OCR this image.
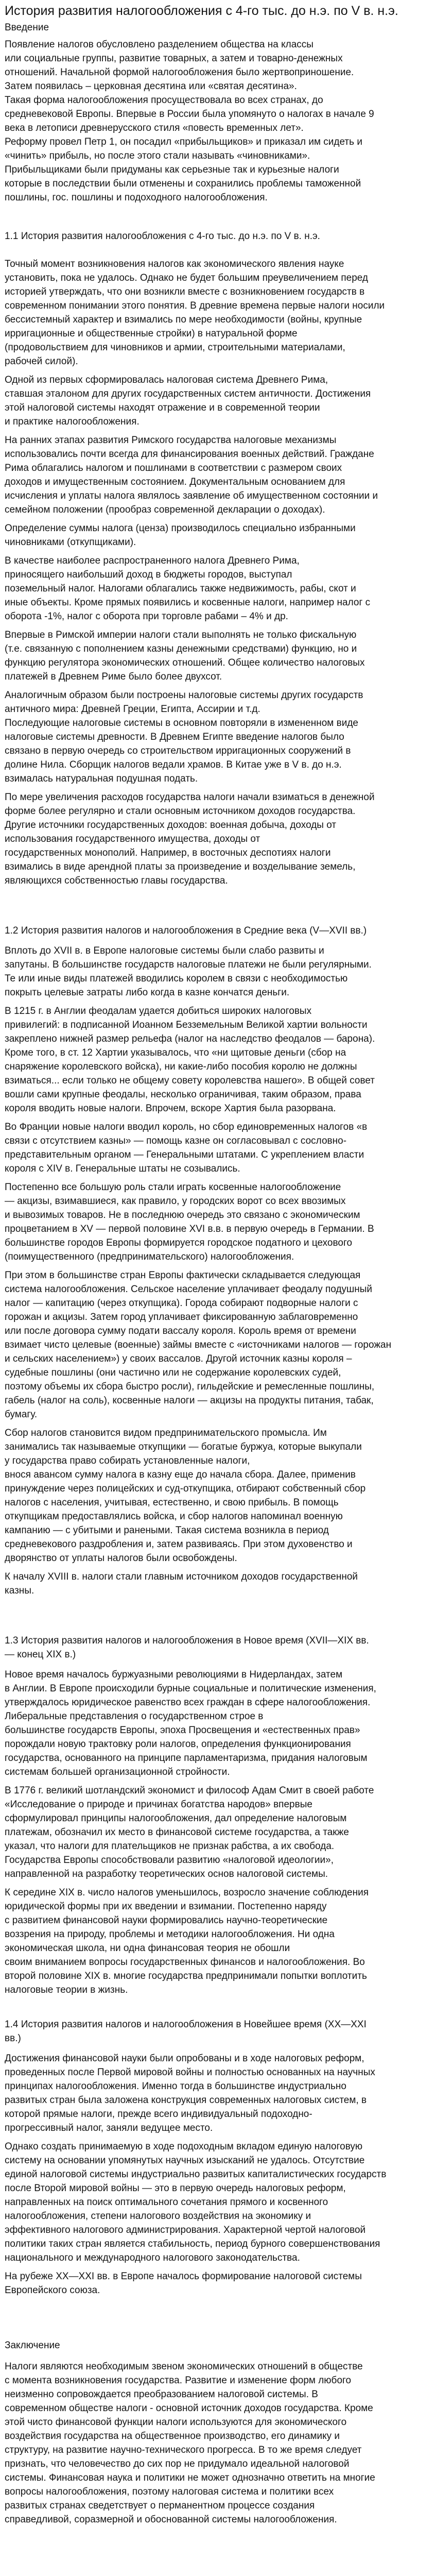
История развития налогообложения с 4-го тыс. до н.э. по V в. н.э.
Введение

Появление налогов обусловлено разделением общества на классы
или социальные группы, развитие товарных, а затем и товарно-денежных
отношений. Начальной формой налогообложения было жертвоприношение.
Затем появилась – церковная десятина или «святая десятина».
Такая форма налогообложения просуществовала во всех странах, до
средневековой Европы. Впервые в России была упомянуто о налогах в начале 9
века в летописи древнерусского стиля «повесть временных лет».
Реформу провел Петр 1, он посадил «прибыльщиков» и приказал им сидеть и
«чинить» прибыль, но после этого стали называть «чиновниками».
Прибыльщиками были придуманы как серьезные так и курьезные налоги
которые в последствии были отменены и сохранились проблемы таможенной
пошлины, гос. пошлины и подоходного налогообложения.

1.1 История развития налогообложения с 4-го тыс. до н.э. по V в. н.э.

Точный момент возникновения налогов как экономического явления науке
установить, пока не удалось. Однако не будет большим преувеличением перед
историей утверждать, что они возникли вместе с возникновением государств в
современном понимании этого понятия. В древние времена первые налоги носили
бессистемный характер и взимались по мере необходимости (войны, крупные
ирригационные и общественные стройки) в натуральной форме
(продовольствием для чиновников и армии, строительными материалами,
рабочей силой).

Одной из первых сформировалась налоговая система Древнего Рима,
ставшая эталоном для других государственных систем античности. Достижения
этой налоговой системы находят отражение и в современной теории
и практике налогообложения.

На ранних этапах развития Римского государства налоговые механизмы
использовались почти всегда для финансирования военных действий. Граждане
Рима облагались налогом и пошлинами в соответствии с размером своих
доходов и имущественным состоянием. Документальным основанием для
исчисления и уплаты налога являлось заявление об имущественном состоянии и
семейном положении (прообраз современной декларации о доходах).

Определение суммы налога (ценза) производилось специально избранными
чиновниками (откупщиками).

В качестве наиболее распространенного налога Древнего Рима,
приносящего наибольший доход в бюджеты городов, выступал
поземельный налог. Налогами облагались также недвижимость, рабы, скот и
иные объекты. Кроме прямых появились и косвенные налоги, например налог с
оборота -1%, налог с оборота при торговле рабами – 4% и др.

Впервые в Римской империи налоги стали выполнять не только фискальную
(т.е. связанную с пополнением казны денежными средствами) функцию, но и
функцию регулятора экономических отношений. Общее количество налоговых
платежей в Древнем Риме было более двухсот.

Аналогичным образом были построены налоговые системы других государств
античного мира: Древней Греции, Египта, Ассирии и т.д.
Последующие налоговые системы в основном повторяли в измененном виде
налоговые системы древности. В Древнем Египте введение налогов было
связано в первую очередь со строительством ирригационных сооружений в
долине Нила. Сборщик налогов ведали храмов. В Китае уже в V в. до н.э.
взималась натуральная подушная подать.

По мере увеличения расходов государства налоги начали взиматься в денежной
форме более регулярно и стали основным источником доходов государства.
Другие источники государственных доходов: военная добыча, доходы от
использования государственного имущества, доходы от
государственных монополий. Например, в восточных деспотиях налоги
взимались в виде арендной платы за произведение и возделывание земель,
являющихся собственностью главы государства.

1.2 История развития налогов и налогообложения в Средние века (V—XVII вв.)

Вплоть до XVII в. в Европе налоговые системы были слабо развиты и
запутаны. В большинстве государств налоговые платежи не были регулярными.
Те или иные виды платежей вводились королем в связи с необходимостью
покрыть целевые затраты либо когда в казне кончатся деньги.

В 1215 г. в Англии феодалам удается добиться широких налоговых
привилегий: в подписанной Иоанном Безземельным Великой хартии вольности
закреплено нижней размер рельефа (налог на наследство феодалов — барона).
Кроме того, в ст. 12 Хартии указывалось, что «ни щитовые деньги (сбор на
снаряжение королевского войска), ни какие-либо пособия королю не должны
взиматься... если только не общему совету королевства нашего». В общей совет
вошли сами крупные феодалы, несколько ограничивая, таким образом, права
короля вводить новые налоги. Впрочем, вскоре Хартия была разорвана.

Во Франции новые налоги вводил король, но сбор единовременных налогов «в
связи с отсутствием казны» — помощь казне он согласовывал с сословно-
представительным органом — Генеральными штатами. С укреплением власти
короля с XIV в. Генеральные штаты не созывались.

Постепенно все большую роль стали играть косвенные налогообложение
— акцизы, взимавшиеся, как правило, у городских ворот со всех ввозимых
и вывозимых товаров. Не в последнюю очередь это связано с экономическим
процветанием в XV — первой половине XVI в.в. в первую очередь в Германии. В
большинстве городов Европы формируется городское податного и цехового
(поимущественного (предпринимательского) налогообложения.

При этом в большинстве стран Европы фактически складывается следующая
система налогообложения. Сельское население уплачивает феодалу подушный
налог — капитацию (через откупщика). Города собирают подворные налоги с
горожан и акцизы. Затем город уплачивает фиксированную заблаговременно
или после договора сумму подати вассалу короля. Король время от времени
взимает чисто целевые (военные) займы вместе с «источниками налогов — горожан
и сельских населением») у своих вассалов. Другой источник казны короля –
судебные пошлины (они частично или не содержание королевских судей,
поэтому объемы их сбора быстро росли), гильдейские и ремесленные пошлины,
габель (налог на соль), косвенные налоги — акцизы на продукты питания, табак,
бумагу.

Сбор налогов становится видом предпринимательского промысла. Им
занимались так называемые откупщики — богатые буржуа, которые выкупали
у государства право собирать установленные налоги,
внося авансом сумму налога в казну еще до начала сбора. Далее, применив
принуждение через полицейских и суд-откупщика, отбирают собственный сбор
налогов с населения, учитывая, естественно, и свою прибыль. В помощь
откупщикам предоставлялись войска, и сбор налогов напоминал военную
кампанию — с убитыми и ранеными. Такая система возникла в период
средневекового раздробления и, затем развиваясь. При этом духовенство и
дворянство от уплаты налогов были освобождены.

К началу XVIII в. налоги стали главным источником доходов государственной
казны.

1.3 История развития налогов и налогообложения в Новое время (XVII—XIX вв.
— конец XIX в.)

Новое время началось буржуазными революциями в Нидерландах, затем
в Англии. В Европе происходили бурные социальные и политические изменения,
утверждалось юридическое равенство всех граждан в сфере налогообложения.
Либеральные представления о государственном строе в
большинстве государств Европы, эпоха Просвещения и «естественных прав»
порождали новую трактовку роли налогов, определения функционирования
государства, основанного на принципе парламентаризма, придания налоговым
системам большей организационной стройности.

В 1776 г. великий шотландский экономист и философ Адам Смит в своей работе
«Исследование о природе и причинах богатства народов» впервые
сформулировал принципы налогообложения, дал определение налоговым
платежам, обозначил их место в финансовой системе государства, а также
указал, что налоги для плательщиков не признак рабства, а их свобода.
Государства Европы способствовали развитию «налоговой идеологии»,
направленной на разработку теоретических основ налоговой системы.

К середине XIX в. число налогов уменьшилось, возросло значение соблюдения
юридической формы при их введении и взимании. Постепенно наряду
с развитием финансовой науки формировались научно-теоретические
воззрения на природу, проблемы и методики налогообложения. Ни одна
экономическая школа, ни одна финансовая теория не обошли
своим вниманием вопросы государственных финансов и налогообложения. Во
второй половине XIX в. многие государства предпринимали попытки воплотить
налоговые теории в жизнь.

1.4 История развития налогов и налогообложения в Новейшее время (XX—XXI
вв.)

Достижения финансовой науки были опробованы и в ходе налоговых реформ,
проведенных после Первой мировой войны и полностью основанных на научных
принципах налогообложения. Именно тогда в большинстве индустриально
развитых стран была заложена конструкция современных налоговых систем, в
которой прямые налоги, прежде всего индивидуальный подоходно-
прогрессивный налог, заняли ведущее место.

Однако создать принимаемую в ходе подоходным вкладом единую налоговую
систему на основании упомянутых научных изысканий не удалось. Отсутствие
единой налоговой системы индустриально развитых капиталистических государств
после Второй мировой войны — это в первую очередь налоговых реформ,
направленных на поиск оптимального сочетания прямого и косвенного
налогообложения, степени налогового воздействия на экономику и
эффективного налогового администрирования. Характерной чертой налоговой
политики таких стран является стабильность, период бурного совершенствования
национального и международного налогового законодательства.

На рубеже XX—XXI вв. в Европе началось формирование налоговой системы
Европейского союза.

Заключение

Налоги являются необходимым звеном экономических отношений в обществе
с момента возникновения государства. Развитие и изменение форм любого
неизменно сопровождается преобразованием налоговой системы. В
современном обществе налоги - основной источник доходов государства. Кроме
этой чисто финансовой функции налоги используются для экономического
воздействия государства на общественное производство, его динамику и
структуру, на развитие научно-технического прогресса. В то же время следует
признать, что человечество до сих пор не придумало идеальной налоговой
системы. Финансовая наука и политики не может однозначно ответить на многие
вопросы налогообложения, поэтому налоговая система и политики всех
развитых странах сведетствует о перманентном процессе создания
справедливой, соразмерной и обоснованной системы налогообложения.
